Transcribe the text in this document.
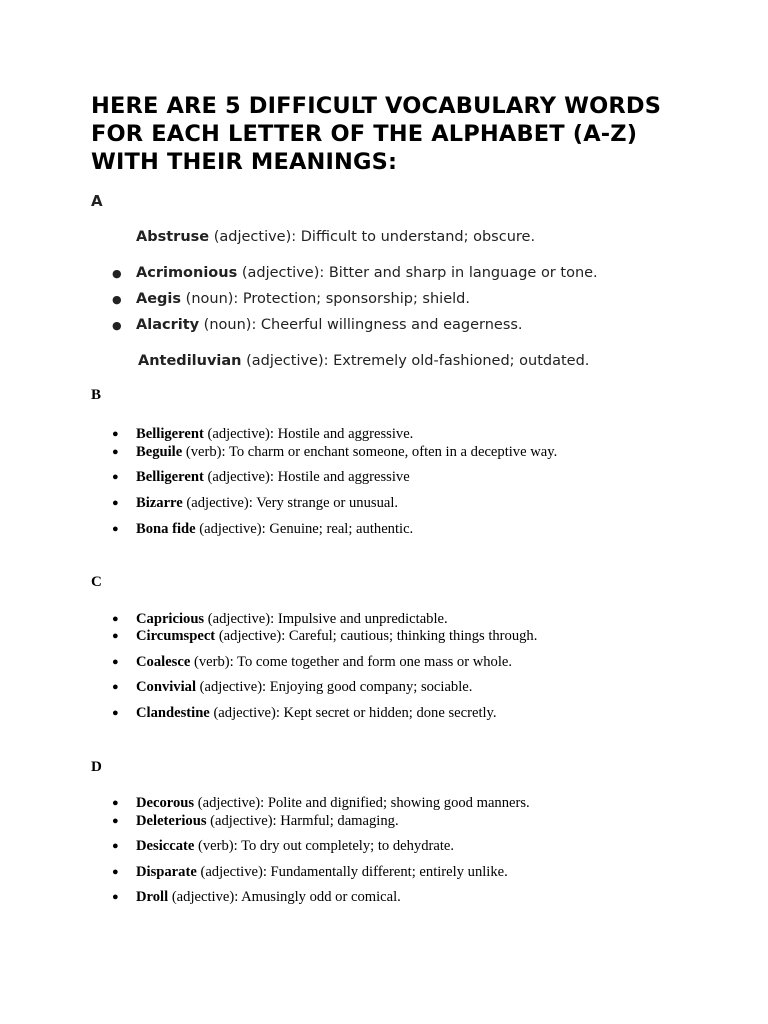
HERE ARE 5 DIFFICULT VOCABULARY WORDS FOR EACH LETTER OF THE ALPHABET (A-Z) WITH THEIR MEANINGS:
A
Abstruse (adjective): Difficult to understand; obscure.
● Acrimonious (adjective): Bitter and sharp in language or tone.
● Aegis (noun): Protection; sponsorship; shield.
● Alacrity (noun): Cheerful willingness and eagerness.
Antediluvian (adjective): Extremely old-fashioned; outdated.
B
● Belligerent (adjective): Hostile and aggressive.
● Beguile (verb): To charm or enchant someone, often in a deceptive way.
● Belligerent (adjective): Hostile and aggressive
● Bizarre (adjective): Very strange or unusual.
● Bona fide (adjective): Genuine; real; authentic.
C
● Capricious (adjective): Impulsive and unpredictable.
● Circumspect (adjective): Careful; cautious; thinking things through.
● Coalesce (verb): To come together and form one mass or whole.
● Convivial (adjective): Enjoying good company; sociable.
● Clandestine (adjective): Kept secret or hidden; done secretly.
D
● Decorous (adjective): Polite and dignified; showing good manners.
● Deleterious (adjective): Harmful; damaging.
● Desiccate (verb): To dry out completely; to dehydrate.
● Disparate (adjective): Fundamentally different; entirely unlike.
● Droll (adjective): Amusingly odd or comical.
